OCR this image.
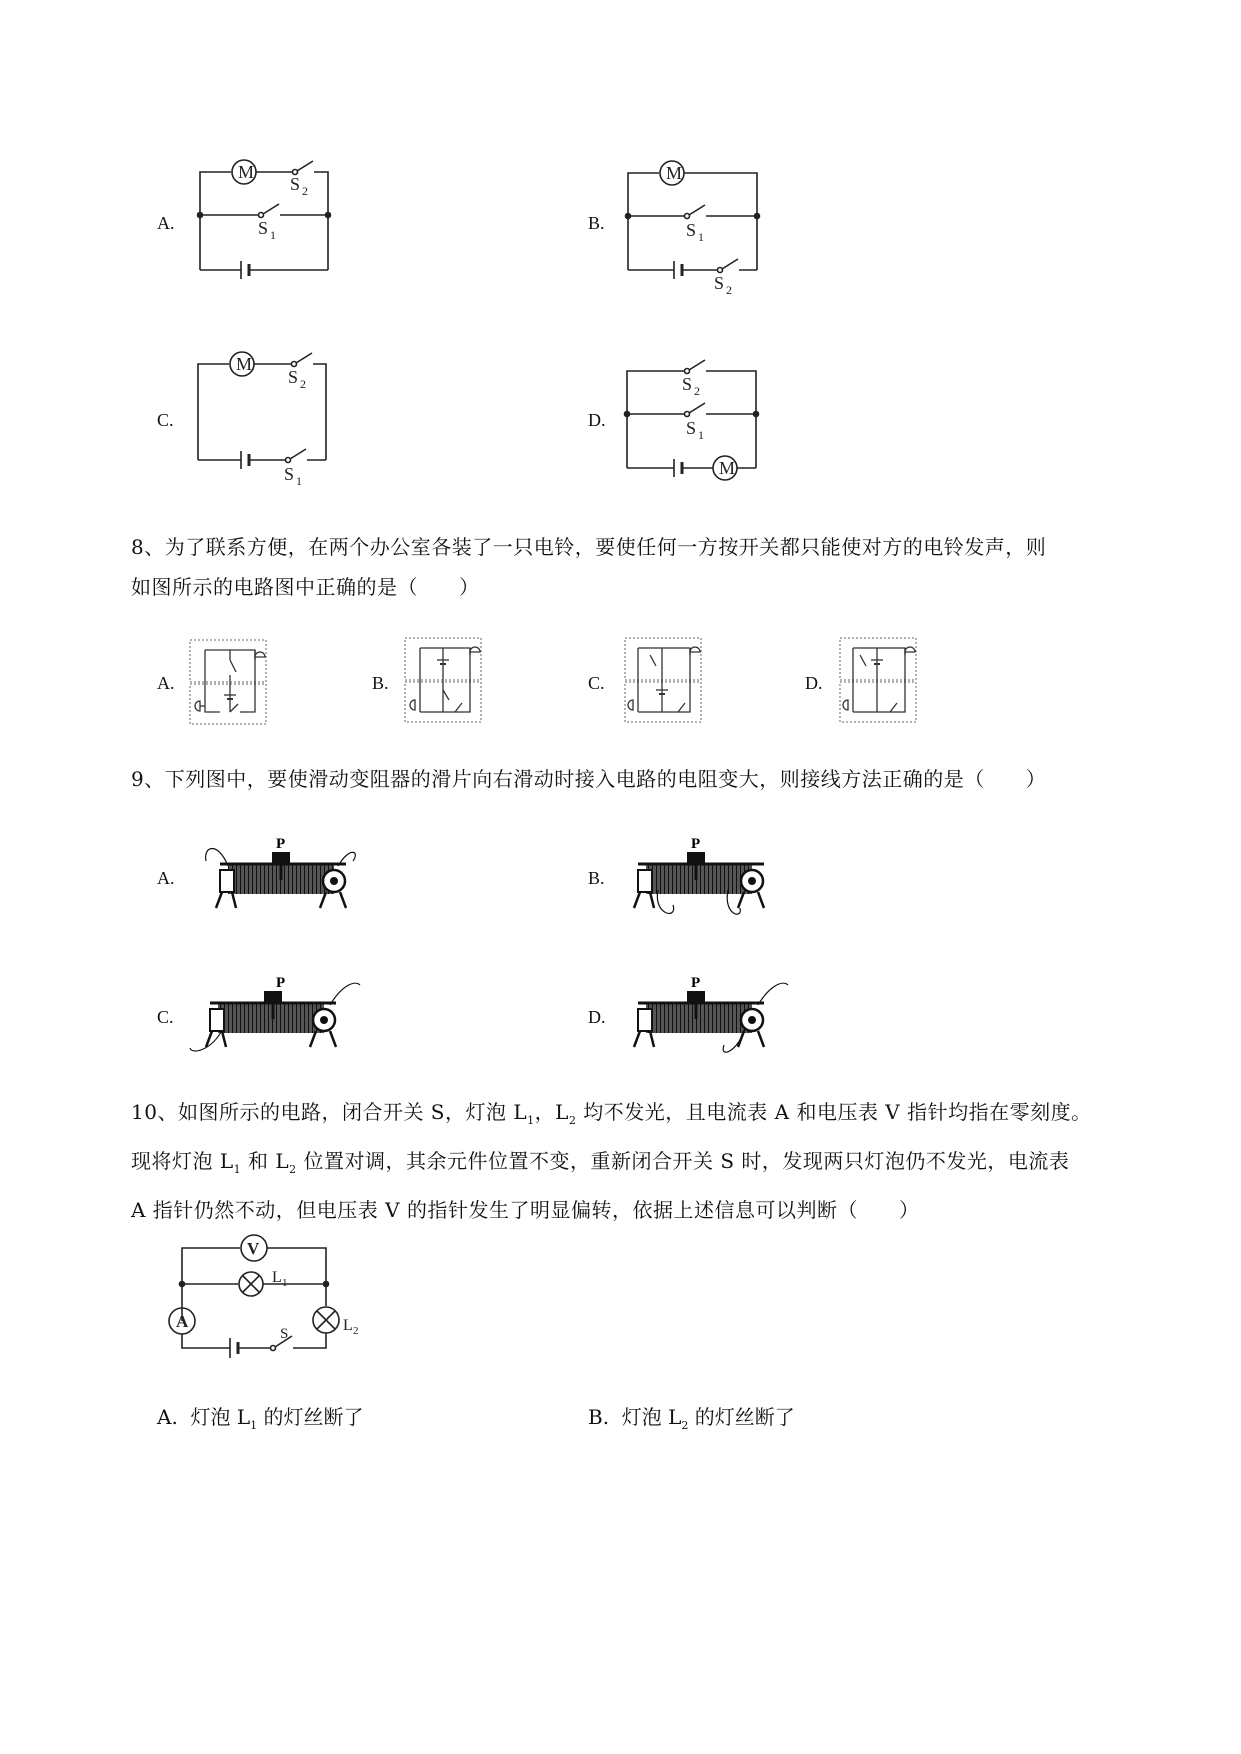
A.	B.
C.	D.
M
S 2
S 1
M
S 1
S 2
M
S 2
S 1
S 2
S 1
M
8、为了联系方便，在两个办公室各装了一只电铃，要使任何一方按开关都只能使对方的电铃发声，则
如图所示的电路图中正确的是（　　）
A.	B.	C.	D.
9、下列图中，要使滑动变阻器的滑片向右滑动时接入电路的电阻变大，则接线方法正确的是（　　）
A.	B.
C.	D.
P	P
P	P
10、如图所示的电路，闭合开关 S，灯泡 $L_1$，$L_2$ 均不发光，且电流表 A 和电压表 V 指针均指在零刻度。
现将灯泡 $L_1$ 和 $L_2$ 位置对调，其余元件位置不变，重新闭合开关 S 时，发现两只灯泡仍不发光，电流表
A 指针仍然不动，但电压表 V 的指针发生了明显偏转，依据上述信息可以判断（　　）
V
A
S
L 1
L 2
A. 灯泡 $L_1$ 的灯丝断了	B. 灯泡 $L_2$ 的灯丝断了
